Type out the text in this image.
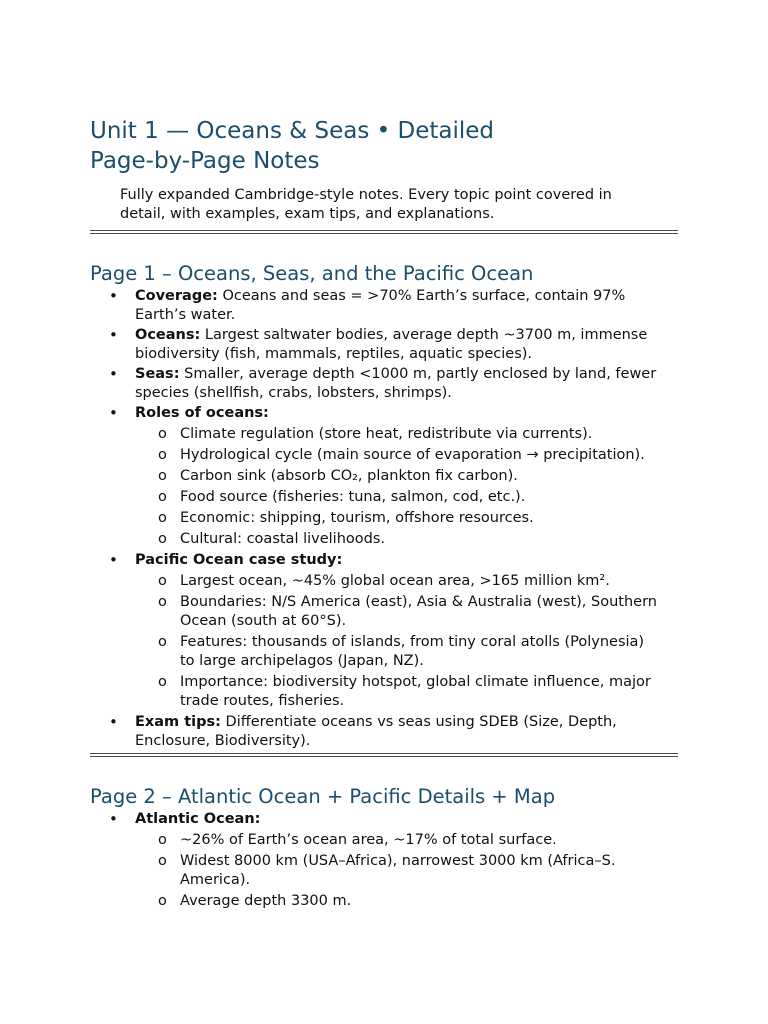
Unit 1 — Oceans & Seas • Detailed
Page-by-Page Notes

Fully expanded Cambridge-style notes. Every topic point covered in
detail, with examples, exam tips, and explanations.

Page 1 – Oceans, Seas, and the Pacific Ocean
• Coverage: Oceans and seas = >70% Earth’s surface, contain 97%
Earth’s water.
• Oceans: Largest saltwater bodies, average depth ~3700 m, immense
biodiversity (fish, mammals, reptiles, aquatic species).
• Seas: Smaller, average depth <1000 m, partly enclosed by land, fewer
species (shellfish, crabs, lobsters, shrimps).
• Roles of oceans:
o Climate regulation (store heat, redistribute via currents).
o Hydrological cycle (main source of evaporation → precipitation).
o Carbon sink (absorb CO₂, plankton fix carbon).
o Food source (fisheries: tuna, salmon, cod, etc.).
o Economic: shipping, tourism, offshore resources.
o Cultural: coastal livelihoods.
• Pacific Ocean case study:
o Largest ocean, ~45% global ocean area, >165 million km².
o Boundaries: N/S America (east), Asia & Australia (west), Southern
Ocean (south at 60°S).
o Features: thousands of islands, from tiny coral atolls (Polynesia)
to large archipelagos (Japan, NZ).
o Importance: biodiversity hotspot, global climate influence, major
trade routes, fisheries.
• Exam tips: Differentiate oceans vs seas using SDEB (Size, Depth,
Enclosure, Biodiversity).
Page 2 – Atlantic Ocean + Pacific Details + Map
• Atlantic Ocean:
o ~26% of Earth’s ocean area, ~17% of total surface.
o Widest 8000 km (USA–Africa), narrowest 3000 km (Africa–S.
America).
o Average depth 3300 m.
